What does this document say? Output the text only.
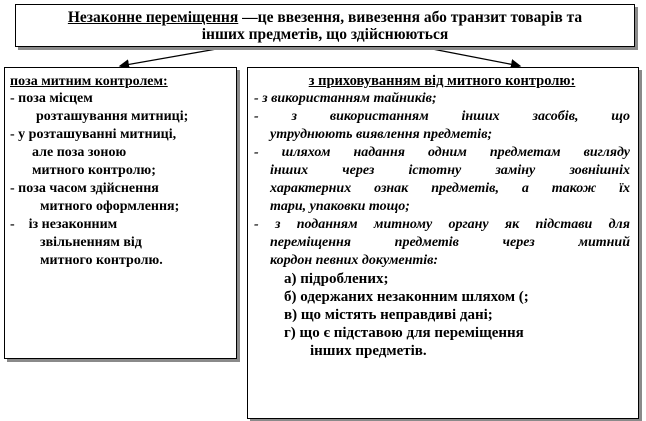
Незаконне переміщення —це ввезення, вивезення або транзит товарів та
інших предметів, що здійснюються
поза митним контролем:
- поза місцем
розташування митниці;
- у розташуванні митниці,
але поза зоною
митного контролю;
- поза часом здійснення
митного оформлення;
-    із незаконним
звільненням від
митного контролю.
з приховуванням від митного контролю:
- з використанням тайників;
- з використанням інших засобів, що
утруднюють виявлення предметів;
- шляхом надання одним предметам вигляду
інших через істотну заміну зовнішніх
характерних ознак предметів, а також їх
тари, упаковки тощо;
- з поданням митному органу як підстави для
переміщення	предметів	через	митний
кордон певних документів:
а) підроблених;
б) одержаних незаконним шляхом (;
в) що містять неправдиві дані;
г) що є підставою для переміщення
інших предметів.
